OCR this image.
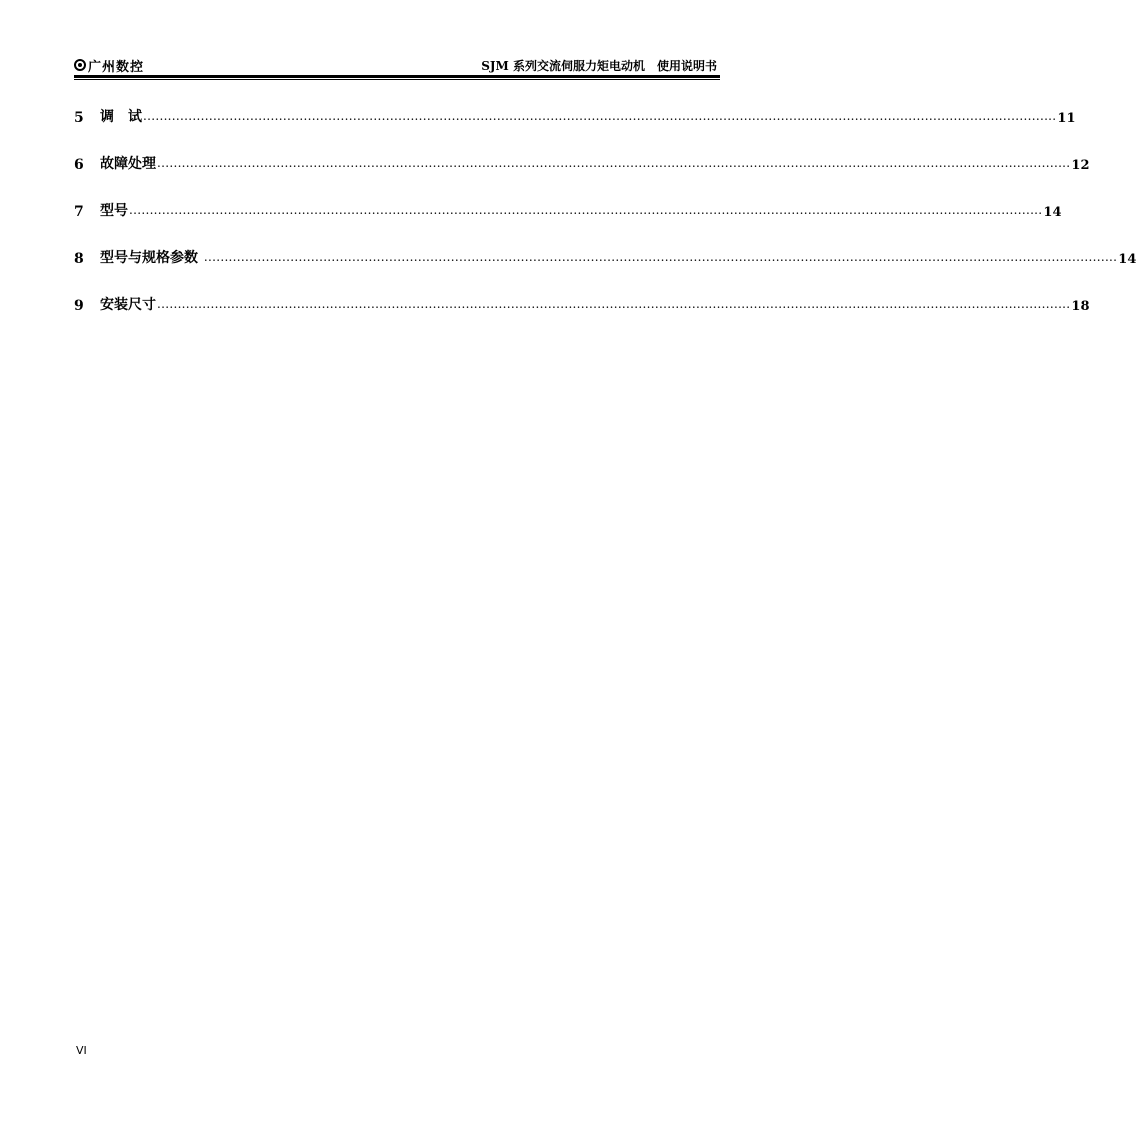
广州数控	SJM 系列交流伺服力矩电动机　使用说明书
5	调　试 .............................................................................................................................................................................................................................. 11
6	故障处理 .............................................................................................................................................................................................................................. 12
7	型号 .............................................................................................................................................................................................................................. 14
8	型号与规格参数 .............................................................................................................................................................................................................................. 14
9	安装尺寸 .............................................................................................................................................................................................................................. 18
VI
